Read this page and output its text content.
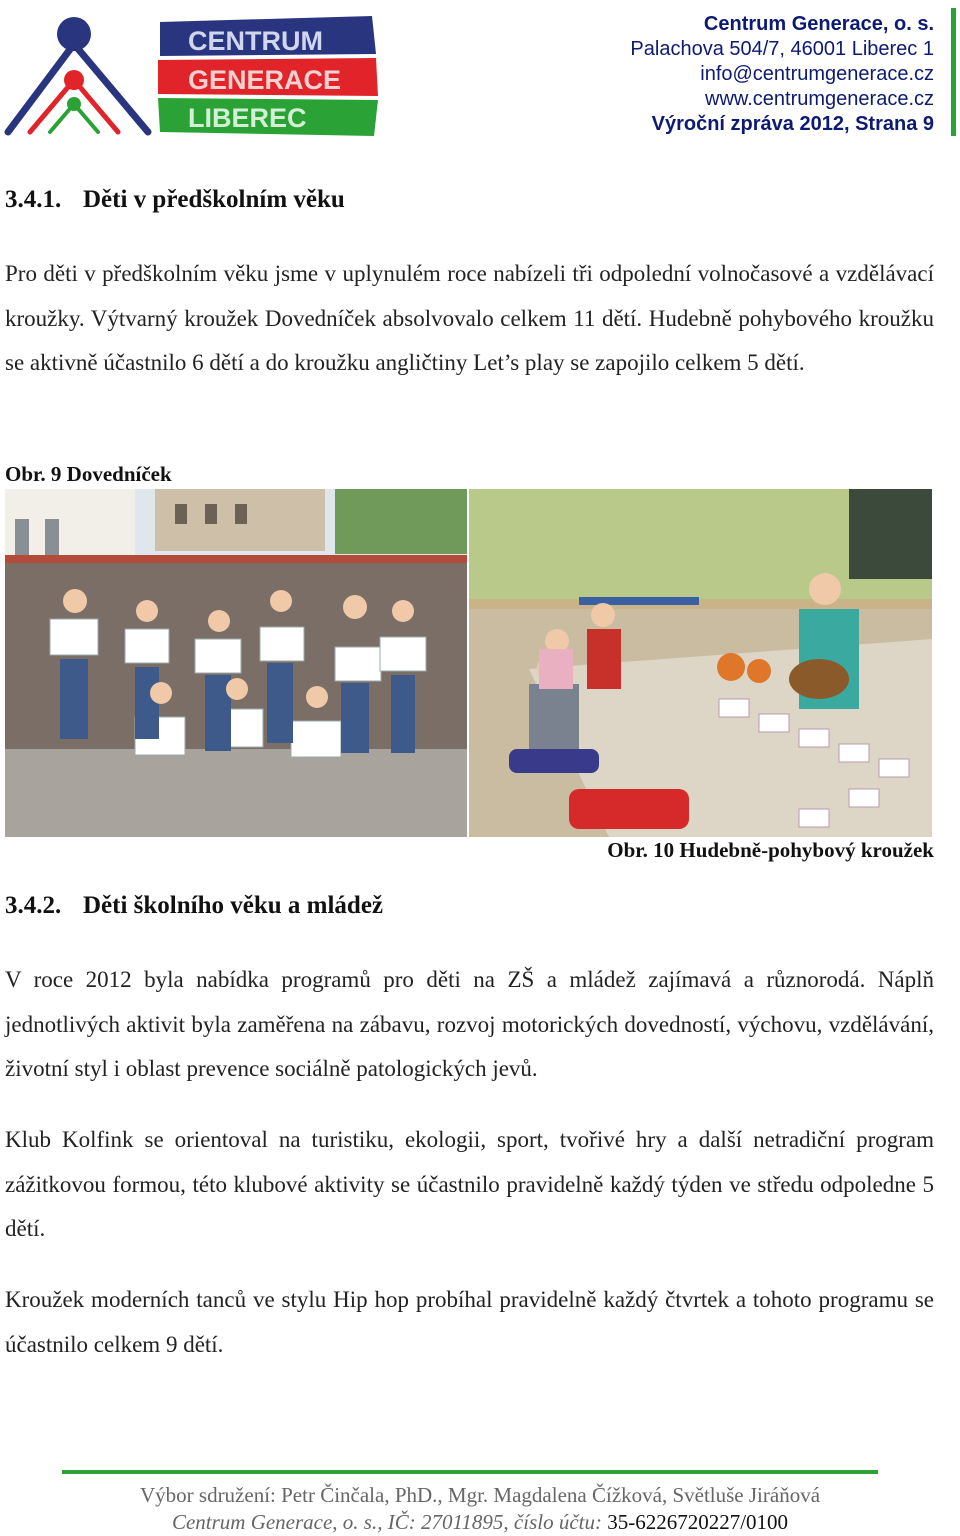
CENTRUM
GENERACE
LIBEREC
Centrum Generace, o. s.
Palachova 504/7, 46001 Liberec 1
info@centrumgenerace.cz
www.centrumgenerace.cz
Výroční zpráva 2012, Strana 9
3.4.1. Děti v předškolním věku

Pro děti v předškolním věku jsme v uplynulém roce nabízeli tři odpolední volnočasové a vzdělávací kroužky. Výtvarný kroužek Dovedníček absolvovalo celkem 11 dětí. Hudebně pohybového kroužku se aktivně účastnilo 6 dětí a do kroužku angličtiny Let’s play se zapojilo celkem 5 dětí.

Obr. 9 Dovedníček
Obr. 10 Hudebně-pohybový kroužek
3.4.2. Děti školního věku a mládež

V roce 2012 byla nabídka programů pro děti na ZŠ a mládež zajímavá a různorodá. Náplň jednotlivých aktivit byla zaměřena na zábavu, rozvoj motorických dovedností, výchovu, vzdělávání, životní styl i oblast prevence sociálně patologických jevů.

Klub Kolfink se orientoval na turistiku, ekologii, sport, tvořivé hry a další netradiční program zážitkovou formou, této klubové aktivity se účastnilo pravidelně každý týden ve středu odpoledne 5 dětí.

Kroužek moderních tanců ve stylu Hip hop probíhal pravidelně každý čtvrtek a tohoto programu se účastnilo celkem 9 dětí.

Výbor sdružení: Petr Činčala, PhD., Mgr. Magdalena Čížková, Světluše Jiráňová
Centrum Generace, o. s., IČ: 27011895, číslo účtu: 35-6226720227/0100
